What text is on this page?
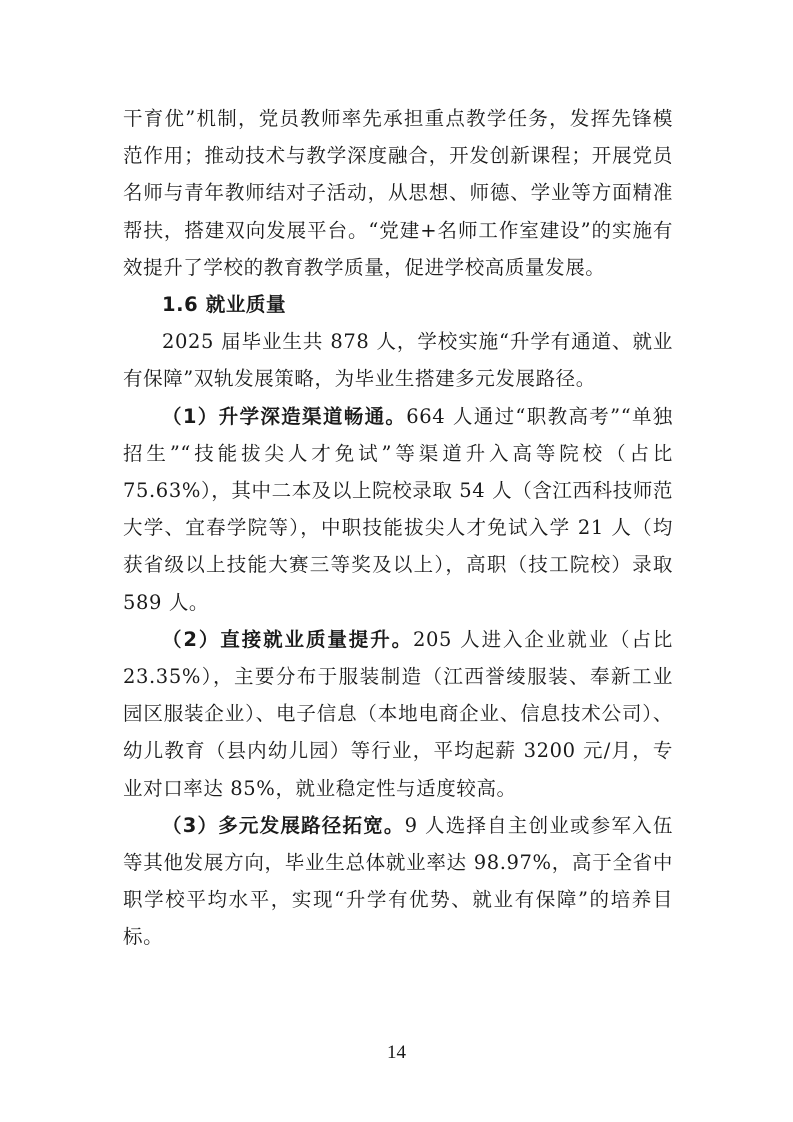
干育优”机制，党员教师率先承担重点教学任务，发挥先锋模范作用；推动技术与教学深度融合，开发创新课程；开展党员名师与青年教师结对子活动，从思想、师德、学业等方面精准帮扶，搭建双向发展平台。“党建+名师工作室建设”的实施有效提升了学校的教育教学质量，促进学校高质量发展。

1.6 就业质量

2025 届毕业生共 878 人，学校实施“升学有通道、就业有保障”双轨发展策略，为毕业生搭建多元发展路径。

（1）升学深造渠道畅通。664 人通过“职教高考”“单独招生”“技能拔尖人才免试”等渠道升入高等院校（占比 75.63%），其中二本及以上院校录取 54 人（含江西科技师范大学、宜春学院等），中职技能拔尖人才免试入学 21 人（均获省级以上技能大赛三等奖及以上），高职（技工院校）录取 589 人。

（2）直接就业质量提升。205 人进入企业就业（占比 23.35%），主要分布于服装制造（江西誉绫服装、奉新工业园区服装企业）、电子信息（本地电商企业、信息技术公司）、幼儿教育（县内幼儿园）等行业，平均起薪 3200 元/月，专业对口率达 85%，就业稳定性与适度较高。

（3）多元发展路径拓宽。9 人选择自主创业或参军入伍等其他发展方向，毕业生总体就业率达 98.97%，高于全省中职学校平均水平，实现“升学有优势、就业有保障”的培养目标。

14
